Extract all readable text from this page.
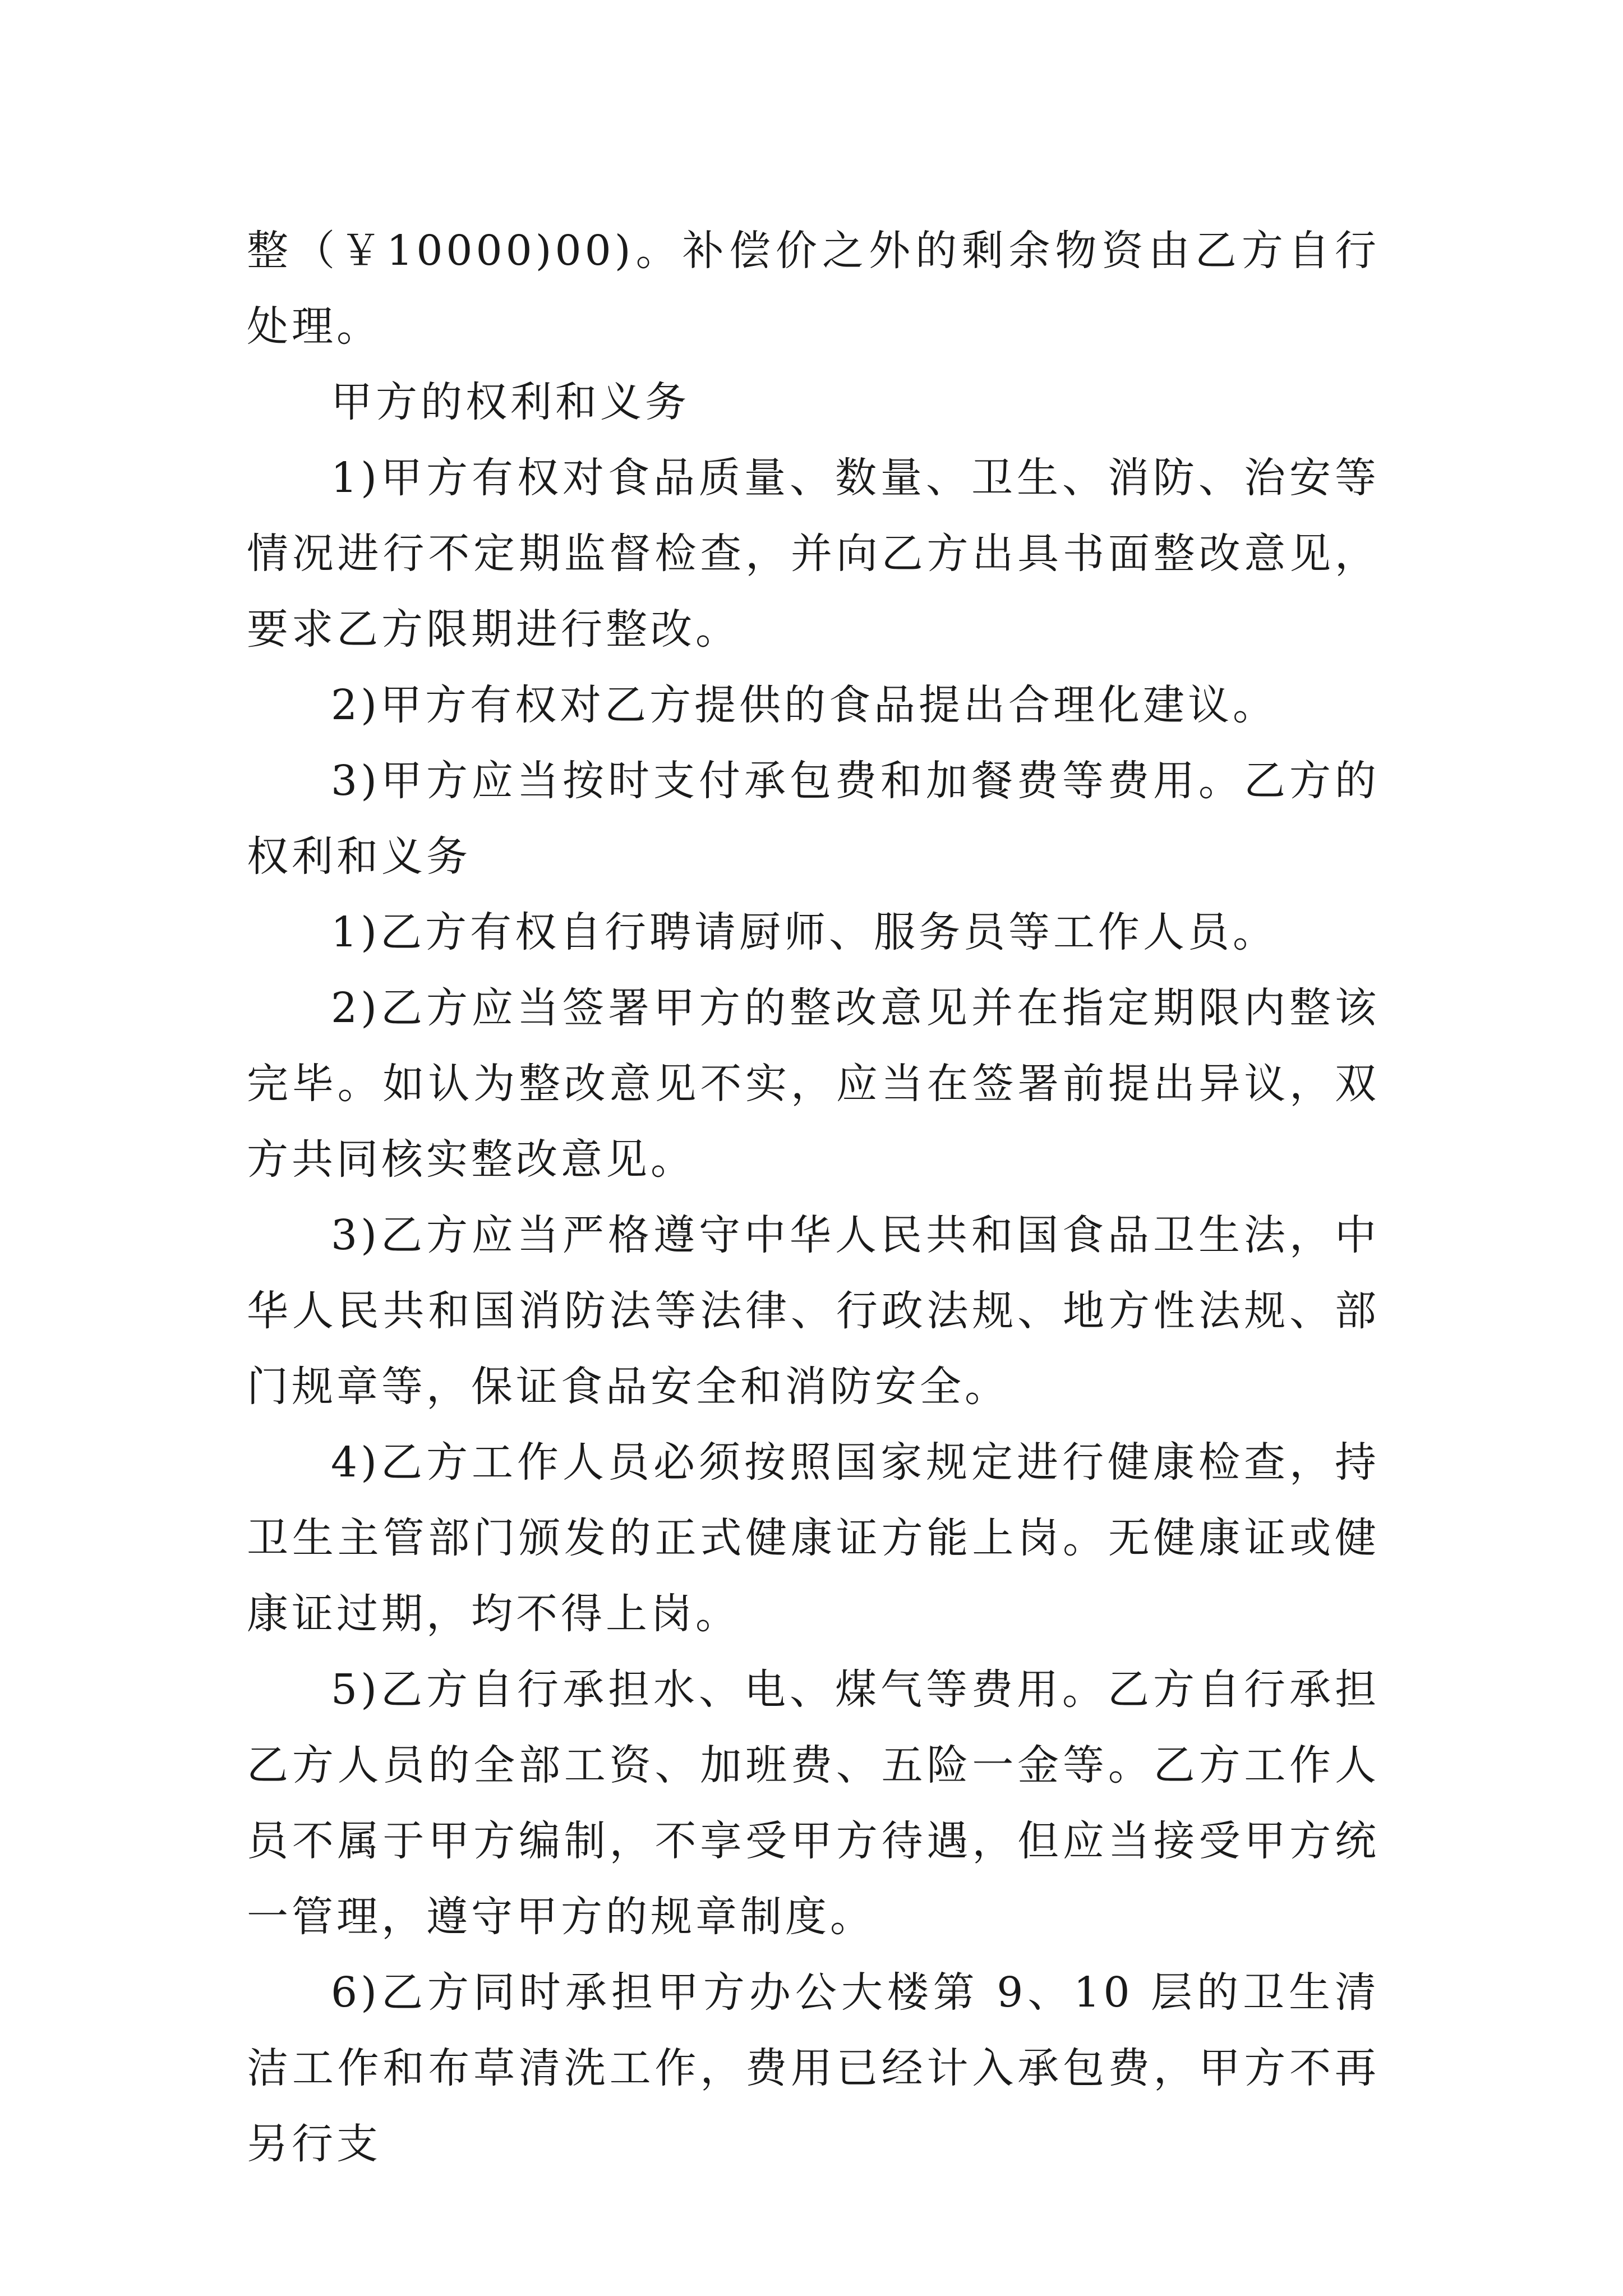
整（￥10000)00)。补偿价之外的剩余物资由乙方自行处理。

甲方的权利和义务

1)甲方有权对食品质量、数量、卫生、消防、治安等情况进行不定期监督检查，并向乙方出具书面整改意见，要求乙方限期进行整改。

2)甲方有权对乙方提供的食品提出合理化建议。

3)甲方应当按时支付承包费和加餐费等费用。乙方的权利和义务

1)乙方有权自行聘请厨师、服务员等工作人员。

2)乙方应当签署甲方的整改意见并在指定期限内整该完毕。如认为整改意见不实，应当在签署前提出异议，双方共同核实整改意见。

3)乙方应当严格遵守中华人民共和国食品卫生法，中华人民共和国消防法等法律、行政法规、地方性法规、部门规章等，保证食品安全和消防安全。

4)乙方工作人员必须按照国家规定进行健康检查，持卫生主管部门颁发的正式健康证方能上岗。无健康证或健康证过期，均不得上岗。

5)乙方自行承担水、电、煤气等费用。乙方自行承担乙方人员的全部工资、加班费、五险一金等。乙方工作人员不属于甲方编制，不享受甲方待遇，但应当接受甲方统一管理，遵守甲方的规章制度。

6)乙方同时承担甲方办公大楼第 9、10 层的卫生清洁工作和布草清洗工作，费用已经计入承包费，甲方不再另行支
